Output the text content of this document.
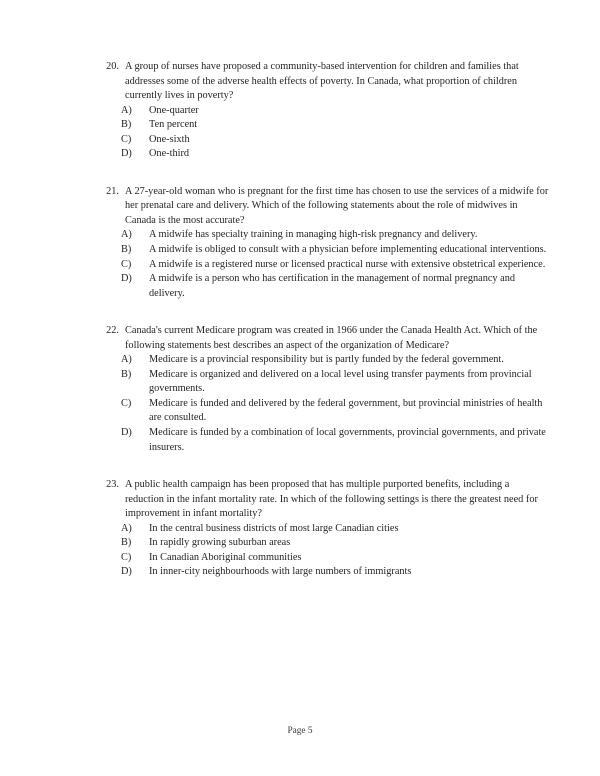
20. A group of nurses have proposed a community-based intervention for children and families that addresses some of the adverse health effects of poverty. In Canada, what proportion of children currently lives in poverty?
A)	One-quarter
B)	Ten percent
C)	One-sixth
D)	One-third
21. A 27-year-old woman who is pregnant for the first time has chosen to use the services of a midwife for her prenatal care and delivery. Which of the following statements about the role of midwives in Canada is the most accurate?
A)	A midwife has specialty training in managing high-risk pregnancy and delivery.
B)	A midwife is obliged to consult with a physician before implementing educational interventions.
C)	A midwife is a registered nurse or licensed practical nurse with extensive obstetrical experience.
D)	A midwife is a person who has certification in the management of normal pregnancy and delivery.
22. Canada's current Medicare program was created in 1966 under the Canada Health Act. Which of the following statements best describes an aspect of the organization of Medicare?
A)	Medicare is a provincial responsibility but is partly funded by the federal government.
B)	Medicare is organized and delivered on a local level using transfer payments from provincial governments.
C)	Medicare is funded and delivered by the federal government, but provincial ministries of health are consulted.
D)	Medicare is funded by a combination of local governments, provincial governments, and private insurers.
23. A public health campaign has been proposed that has multiple purported benefits, including a reduction in the infant mortality rate. In which of the following settings is there the greatest need for improvement in infant mortality?
A)	In the central business districts of most large Canadian cities
B)	In rapidly growing suburban areas
C)	In Canadian Aboriginal communities
D)	In inner-city neighbourhoods with large numbers of immigrants
Page 5
